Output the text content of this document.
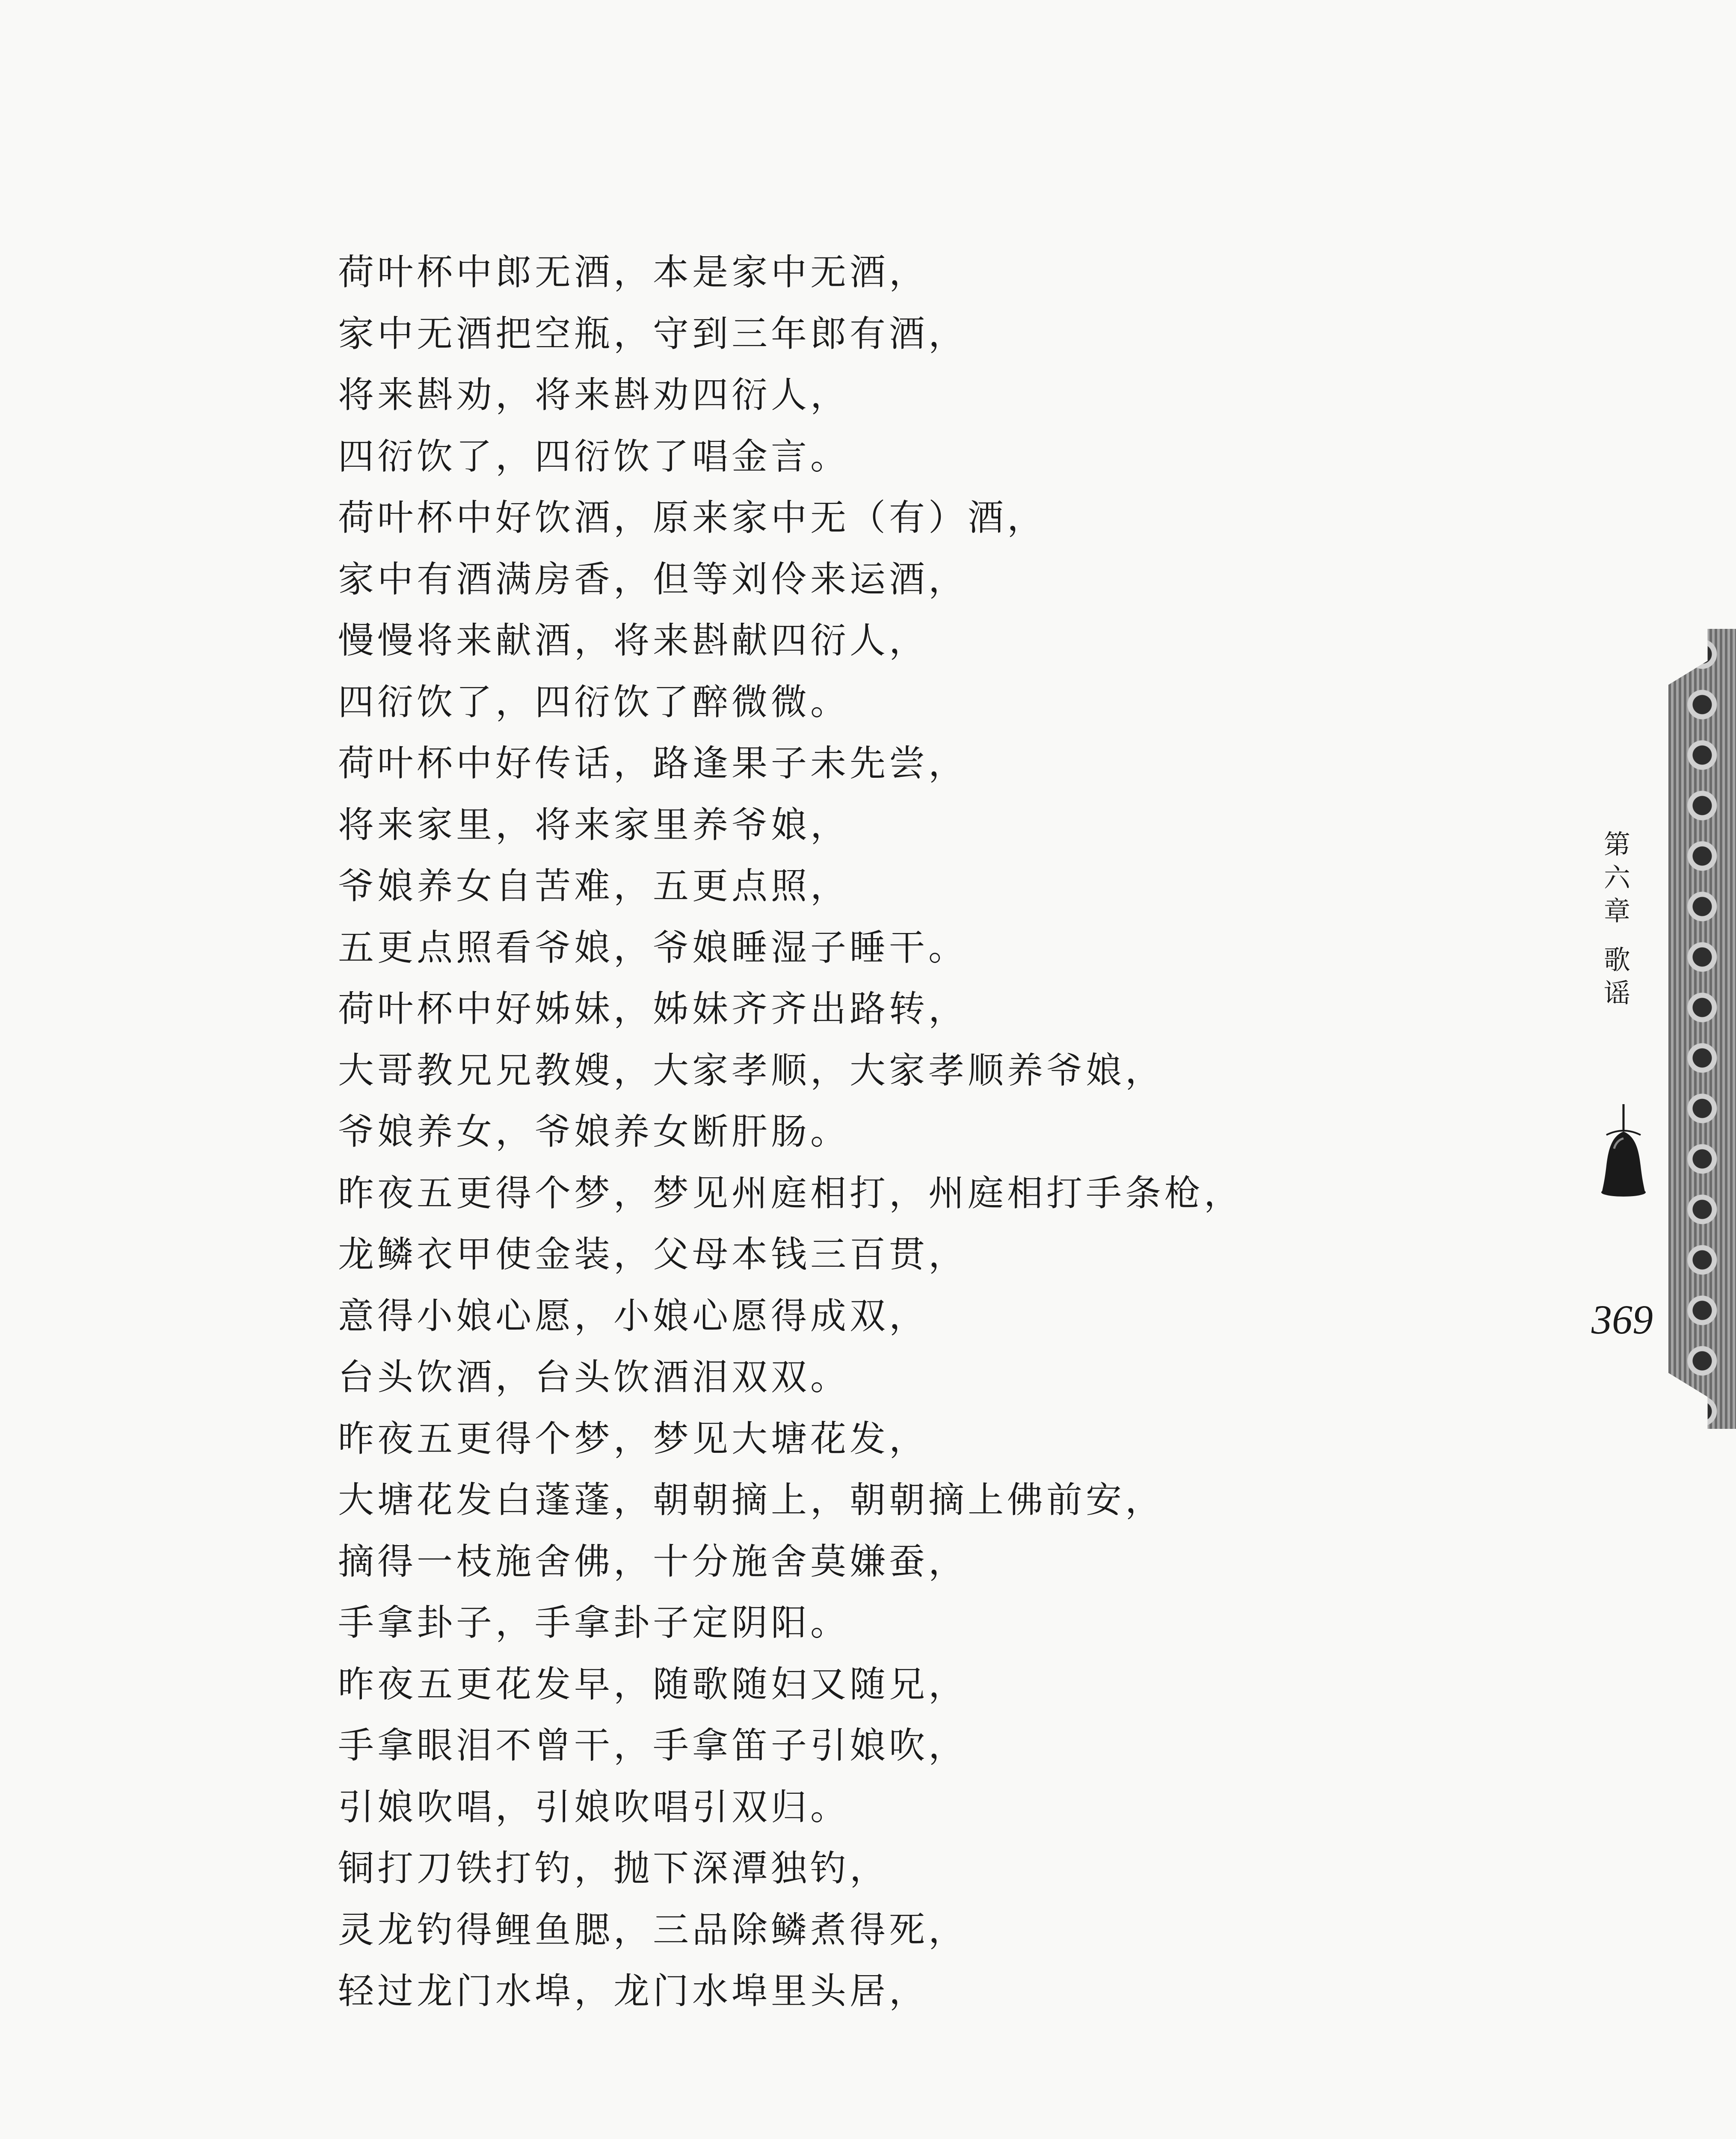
荷叶杯中郎无酒，本是家中无酒，
家中无酒把空瓶，守到三年郎有酒，
将来斟劝，将来斟劝四衍人，
四衍饮了，四衍饮了唱金言。
荷叶杯中好饮酒，原来家中无（有）酒，
家中有酒满房香，但等刘伶来运酒，
慢慢将来献酒，将来斟献四衍人，
四衍饮了，四衍饮了醉微微。
荷叶杯中好传话，路逢果子未先尝，
将来家里，将来家里养爷娘，
爷娘养女自苦难，五更点照，
五更点照看爷娘，爷娘睡湿子睡干。
荷叶杯中好姊妹，姊妹齐齐出路转，
大哥教兄兄教嫂，大家孝顺，大家孝顺养爷娘，
爷娘养女，爷娘养女断肝肠。
昨夜五更得个梦，梦见州庭相打，州庭相打手条枪，
龙鳞衣甲使金装，父母本钱三百贯，
意得小娘心愿，小娘心愿得成双，
台头饮酒，台头饮酒泪双双。
昨夜五更得个梦，梦见大塘花发，
大塘花发白蓬蓬，朝朝摘上，朝朝摘上佛前安，
摘得一枝施舍佛，十分施舍莫嫌蚕，
手拿卦子，手拿卦子定阴阳。
昨夜五更花发早，随歌随妇又随兄，
手拿眼泪不曾干，手拿笛子引娘吹，
引娘吹唱，引娘吹唱引双归。
铜打刀铁打钓，抛下深潭独钓，
灵龙钓得鲤鱼腮，三品除鳞煮得死，
轻过龙门水埠，龙门水埠里头居，
第六章
歌谣
369
